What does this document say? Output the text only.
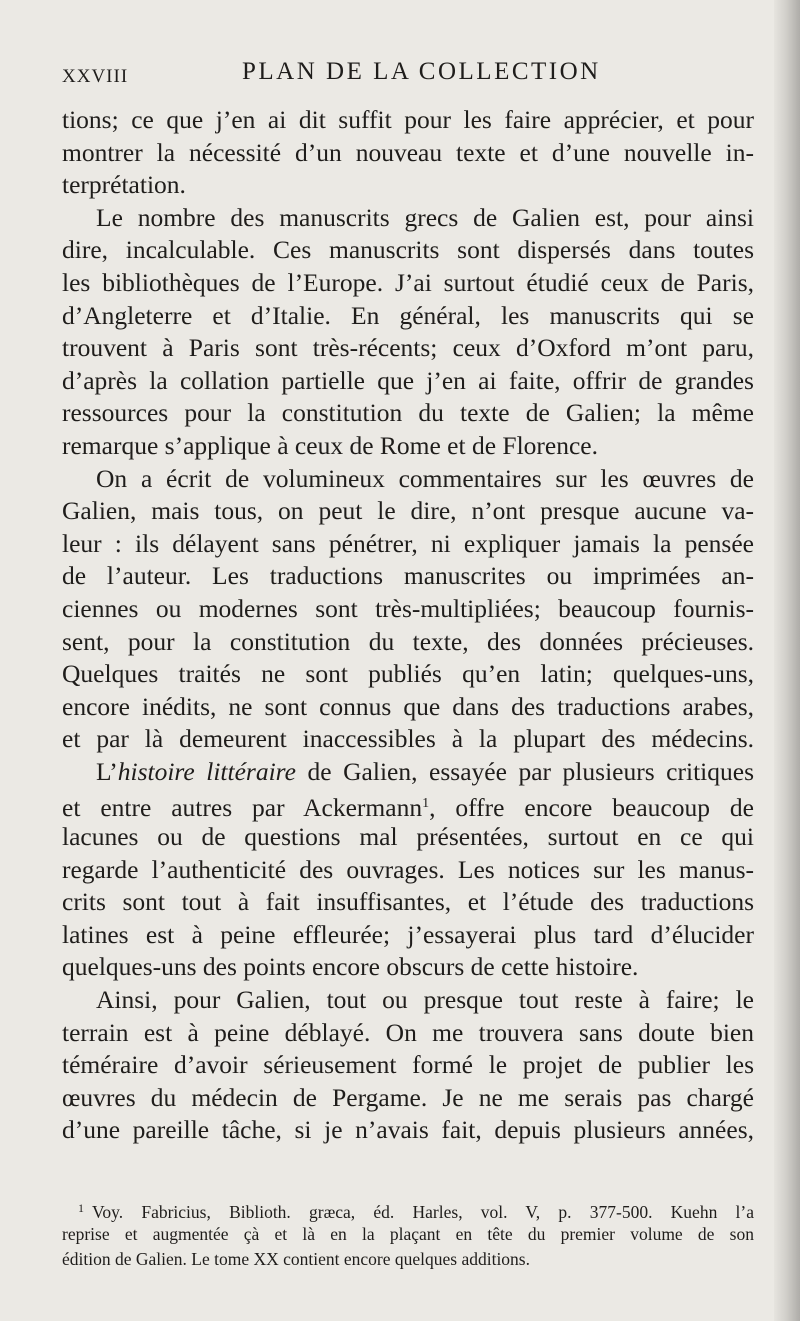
XXVIII	PLAN DE LA COLLECTION
tions; ce que j’en ai dit suffit pour les faire apprécier, et pour
montrer la nécessité d’un nouveau texte et d’une nouvelle in-
terprétation.
Le nombre des manuscrits grecs de Galien est, pour ainsi
dire, incalculable. Ces manuscrits sont dispersés dans toutes
les bibliothèques de l’Europe. J’ai surtout étudié ceux de Paris,
d’Angleterre et d’Italie. En général, les manuscrits qui se
trouvent à Paris sont très-récents; ceux d’Oxford m’ont paru,
d’après la collation partielle que j’en ai faite, offrir de grandes
ressources pour la constitution du texte de Galien; la même
remarque s’applique à ceux de Rome et de Florence.
On a écrit de volumineux commentaires sur les œuvres de
Galien, mais tous, on peut le dire, n’ont presque aucune va-
leur : ils délayent sans pénétrer, ni expliquer jamais la pensée
de l’auteur. Les traductions manuscrites ou imprimées an-
ciennes ou modernes sont très-multipliées; beaucoup fournis-
sent, pour la constitution du texte, des données précieuses.
Quelques traités ne sont publiés qu’en latin; quelques-uns,
encore inédits, ne sont connus que dans des traductions arabes,
et par là demeurent inaccessibles à la plupart des médecins.
L’histoire littéraire de Galien, essayée par plusieurs critiques
et entre autres par Ackermann$^1$, offre encore beaucoup de
lacunes ou de questions mal présentées, surtout en ce qui
regarde l’authenticité des ouvrages. Les notices sur les manus-
crits sont tout à fait insuffisantes, et l’étude des traductions
latines est à peine effleurée; j’essayerai plus tard d’élucider
quelques-uns des points encore obscurs de cette histoire.
Ainsi, pour Galien, tout ou presque tout reste à faire; le
terrain est à peine déblayé. On me trouvera sans doute bien
téméraire d’avoir sérieusement formé le projet de publier les
œuvres du médecin de Pergame. Je ne me serais pas chargé
d’une pareille tâche, si je n’avais fait, depuis plusieurs années,
$^1$ Voy. Fabricius, Biblioth. græca, éd. Harles, vol. V, p. 377-500. Kuehn l’a
reprise et augmentée çà et là en la plaçant en tête du premier volume de son
édition de Galien. Le tome XX contient encore quelques additions.
